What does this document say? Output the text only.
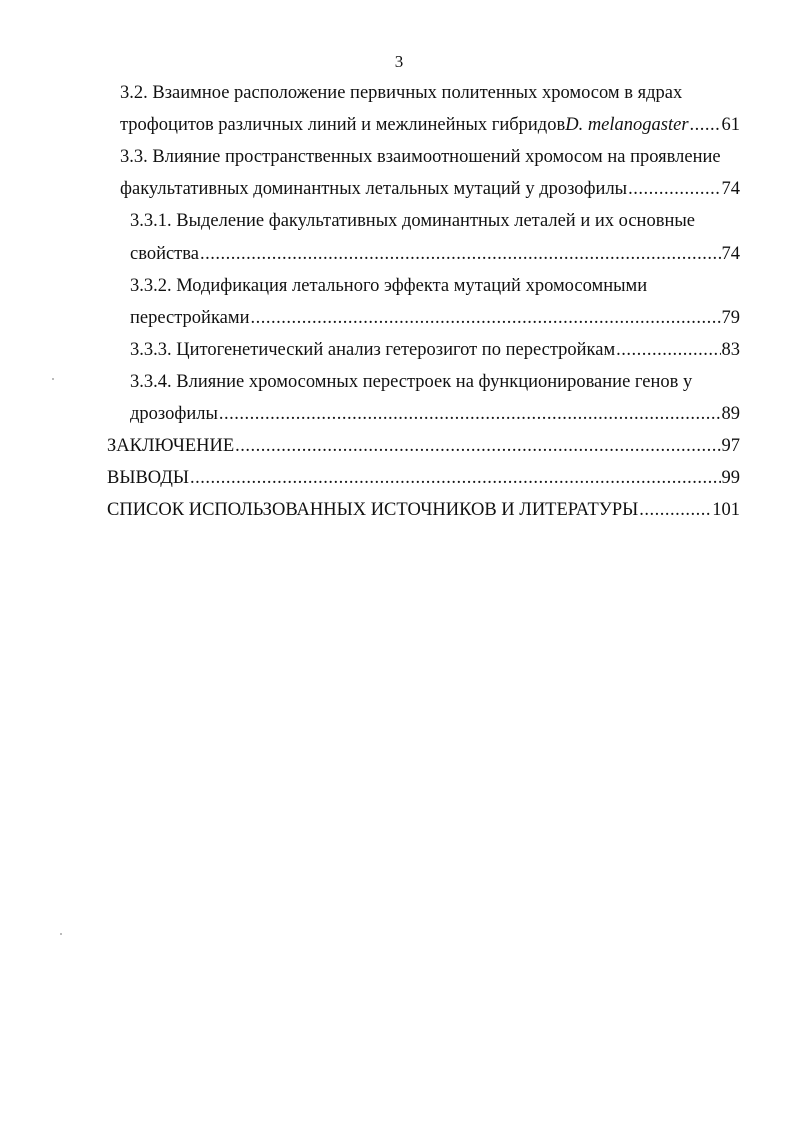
3
3.2. Взаимное расположение первичных политенных хромосом в ядрах
трофоцитов различных линий и межлинейных гибридов D. melanogaster ..... 61
3.3. Влияние пространственных взаимоотношений хромосом на проявление
факультативных доминантных летальных мутаций у дрозофилы .....	74
3.3.1. Выделение факультативных доминантных леталей и их основные
свойства .....	74
3.3.2. Модификация летального эффекта мутаций хромосомными
перестройками .....	79
3.3.3. Цитогенетический анализ гетерозигот по перестройкам .....	83
3.3.4. Влияние хромосомных перестроек на функционирование генов у
дрозофилы .....	89
ЗАКЛЮЧЕНИЕ .....	97
ВЫВОДЫ .....	99
СПИСОК ИСПОЛЬЗОВАННЫХ ИСТОЧНИКОВ И ЛИТЕРАТУРЫ .....	101
